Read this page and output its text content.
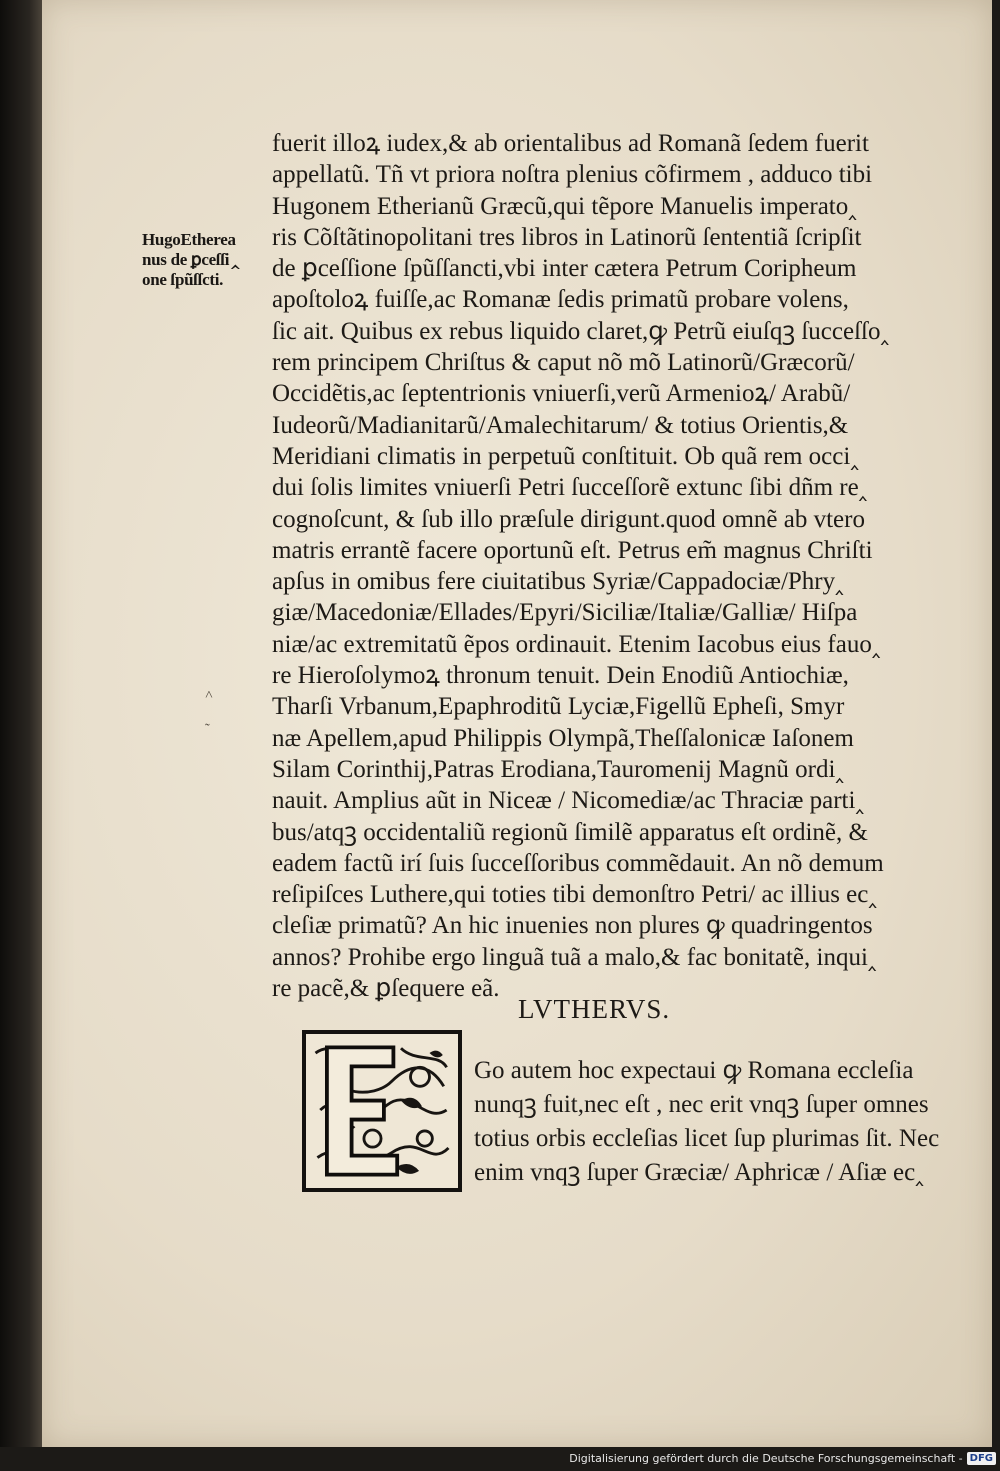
HugoEtherea
nus de ꝑceſſi‸
one ſpũſſcti.
˄
˷
fuerit illoꝝ iudex,& ab orientalibus ad Romanã ſedem fuerit
appellatũ. Tñ vt priora noſtra plenius cõfirmem , adduco tibi
Hugonem Etherianũ Græcũ,qui tẽpore Manuelis imperato‸
ris Cõſtãtinopolitani tres libros in Latinorũ ſententiã ſcripſit
de ꝑceſſione ſpũſſancti,vbi inter cætera Petrum Coripheum
apoſtoloꝝ fuiſſe,ac Romanæ ſedis primatũ probare volens,
ſic ait. Quibus ex rebus liquido claret,ꝙ Petrũ eiuſqꝫ ſucceſſo‸
rem principem Chriſtus & caput nõ mõ Latinorũ/Græcorũ/
Occidẽtis,ac ſeptentrionis vniuerſi,verũ Armenioꝝ/ Arabũ/
Iudeorũ/Madianitarũ/Amalechitarum/ & totius Orientis,&
Meridiani climatis in perpetuũ conſtituit. Ob quã rem occi‸
dui ſolis limites vniuerſi Petri ſucceſſorẽ extunc ſibi dñm re‸
cognoſcunt, & ſub illo præſule dirigunt.quod omnẽ ab vtero
matris errantẽ facere oportunũ eſt. Petrus em̃ magnus Chriſti
apſus in omibus fere ciuitatibus Syriæ/Cappadociæ/Phry‸
giæ/Macedoniæ/Ellades/Epyri/Siciliæ/Italiæ/Galliæ/ Hiſpa
niæ/ac extremitatũ ẽpos ordinauit. Etenim Iacobus eius fauo‸
re Hieroſolymoꝝ thronum tenuit. Dein Enodiũ Antiochiæ,
Tharſi Vrbanum,Epaphroditũ Lyciæ,Figellũ Epheſi, Smyr
næ Apellem,apud Philippis Olympã,Theſſalonicæ Iaſonem
Silam Corinthij,Patras Erodiana,Tauromenij Magnũ ordi‸
nauit. Amplius aũt in Niceæ / Nicomediæ/ac Thraciæ parti‸
bus/atqꝫ occidentaliũ regionũ ſimilẽ apparatus eſt ordinẽ, &
eadem factũ irí ſuis ſucceſſoribus commẽdauit. An nõ demum
reſipiſces Luthere,qui toties tibi demonſtro Petri/ ac illius ec‸
cleſiæ primatũ? An hic inuenies non plures ꝙ quadringentos
annos? Prohibe ergo linguã tuã a malo,& fac bonitatẽ, inqui‸
re pacẽ,& ꝑſequere eã.
LVTHERVS.
Go autem hoc expectaui ꝙ Romana eccleſia
nunqꝫ fuit,nec eſt , nec erit vnqꝫ ſuper omnes
totius orbis eccleſias licet ſup plurimas ſit. Nec
enim vnqꝫ ſuper Græciæ/ Aphricæ / Aſiæ ec‸
Digitalisierung gefördert durch die Deutsche Forschungsgemeinschaft - DFG
